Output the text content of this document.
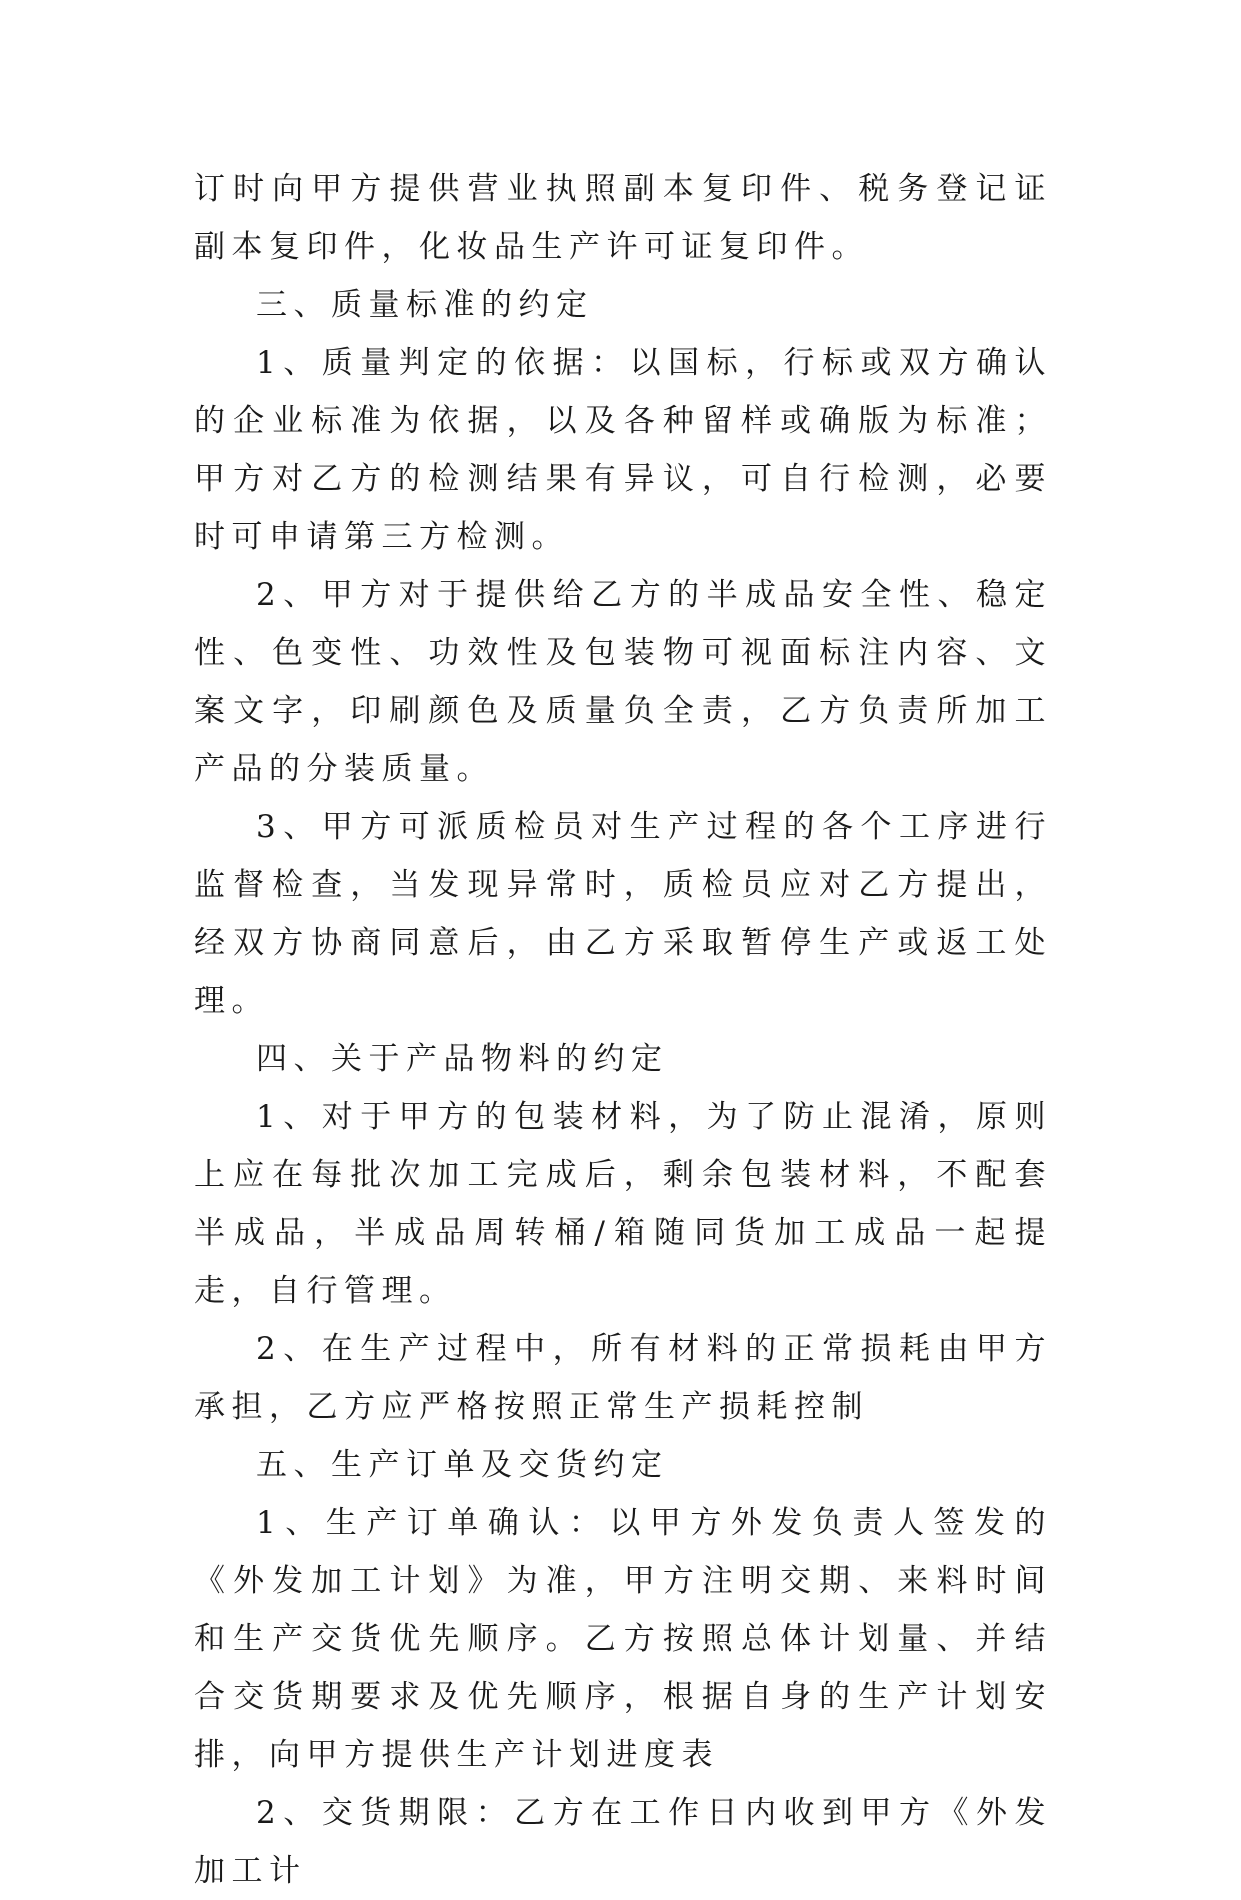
订时向甲方提供营业执照副本复印件、税务登记证副本复印件，化妆品生产许可证复印件。

三、质量标准的约定

1、质量判定的依据：以国标，行标或双方确认的企业标准为依据，以及各种留样或确版为标准；甲方对乙方的检测结果有异议，可自行检测，必要时可申请第三方检测。

2、甲方对于提供给乙方的半成品安全性、稳定性、色变性、功效性及包装物可视面标注内容、文案文字，印刷颜色及质量负全责，乙方负责所加工产品的分装质量。

3、甲方可派质检员对生产过程的各个工序进行监督检查，当发现异常时，质检员应对乙方提出，经双方协商同意后，由乙方采取暂停生产或返工处理。

四、关于产品物料的约定

1、对于甲方的包装材料，为了防止混淆，原则上应在每批次加工完成后，剩余包装材料，不配套半成品，半成品周转桶/箱随同货加工成品一起提走，自行管理。

2、在生产过程中，所有材料的正常损耗由甲方承担，乙方应严格按照正常生产损耗控制

五、生产订单及交货约定

1、生产订单确认：以甲方外发负责人签发的《外发加工计划》为准，甲方注明交期、来料时间和生产交货优先顺序。乙方按照总体计划量、并结合交货期要求及优先顺序，根据自身的生产计划安排，向甲方提供生产计划进度表

2、交货期限：乙方在工作日内收到甲方《外发加工计
